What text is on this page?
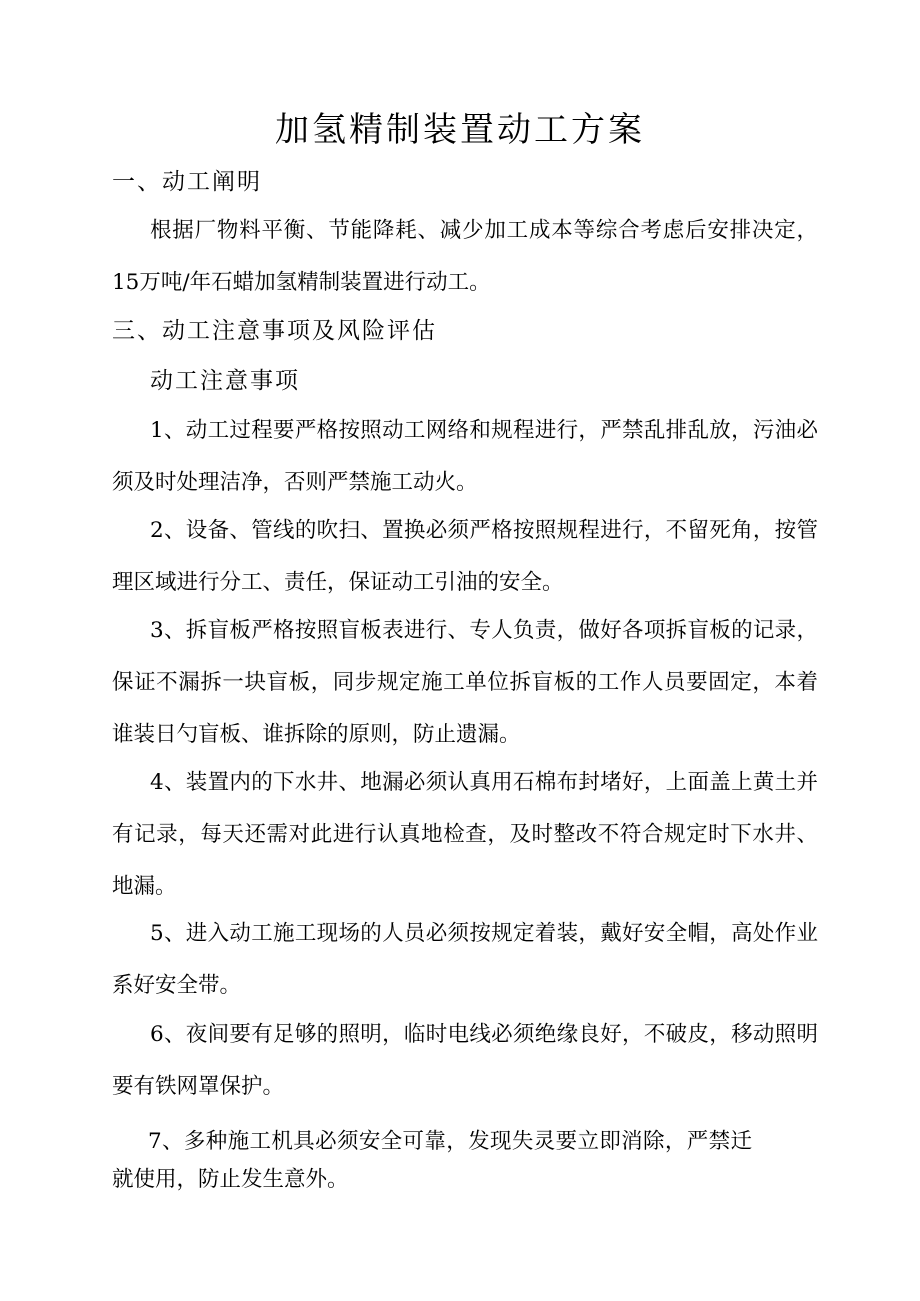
加氢精制装置动工方案
一、动工阐明

根据厂物料平衡、节能降耗、减少加工成本等综合考虑后安排决定，15万吨/年石蜡加氢精制装置进行动工。

三、动工注意事项及风险评估
动工注意事项

1、动工过程要严格按照动工网络和规程进行，严禁乱排乱放，污油必须及时处理洁净，否则严禁施工动火。

2、设备、管线的吹扫、置换必须严格按照规程进行，不留死角，按管理区域进行分工、责任，保证动工引油的安全。

3、拆盲板严格按照盲板表进行、专人负责，做好各项拆盲板的记录，保证不漏拆一块盲板，同步规定施工单位拆盲板的工作人员要固定，本着谁装日勺盲板、谁拆除的原则，防止遗漏。

4、装置内的下水井、地漏必须认真用石棉布封堵好，上面盖上黄土并有记录，每天还需对此进行认真地检查，及时整改不符合规定时下水井、地漏。

5、进入动工施工现场的人员必须按规定着装，戴好安全帽，高处作业系好安全带。

6、夜间要有足够的照明，临时电线必须绝缘良好，不破皮，移动照明要有铁网罩保护。

7、多种施工机具必须安全可靠，发现失灵要立即消除，严禁迁就使用，防止发生意外。
